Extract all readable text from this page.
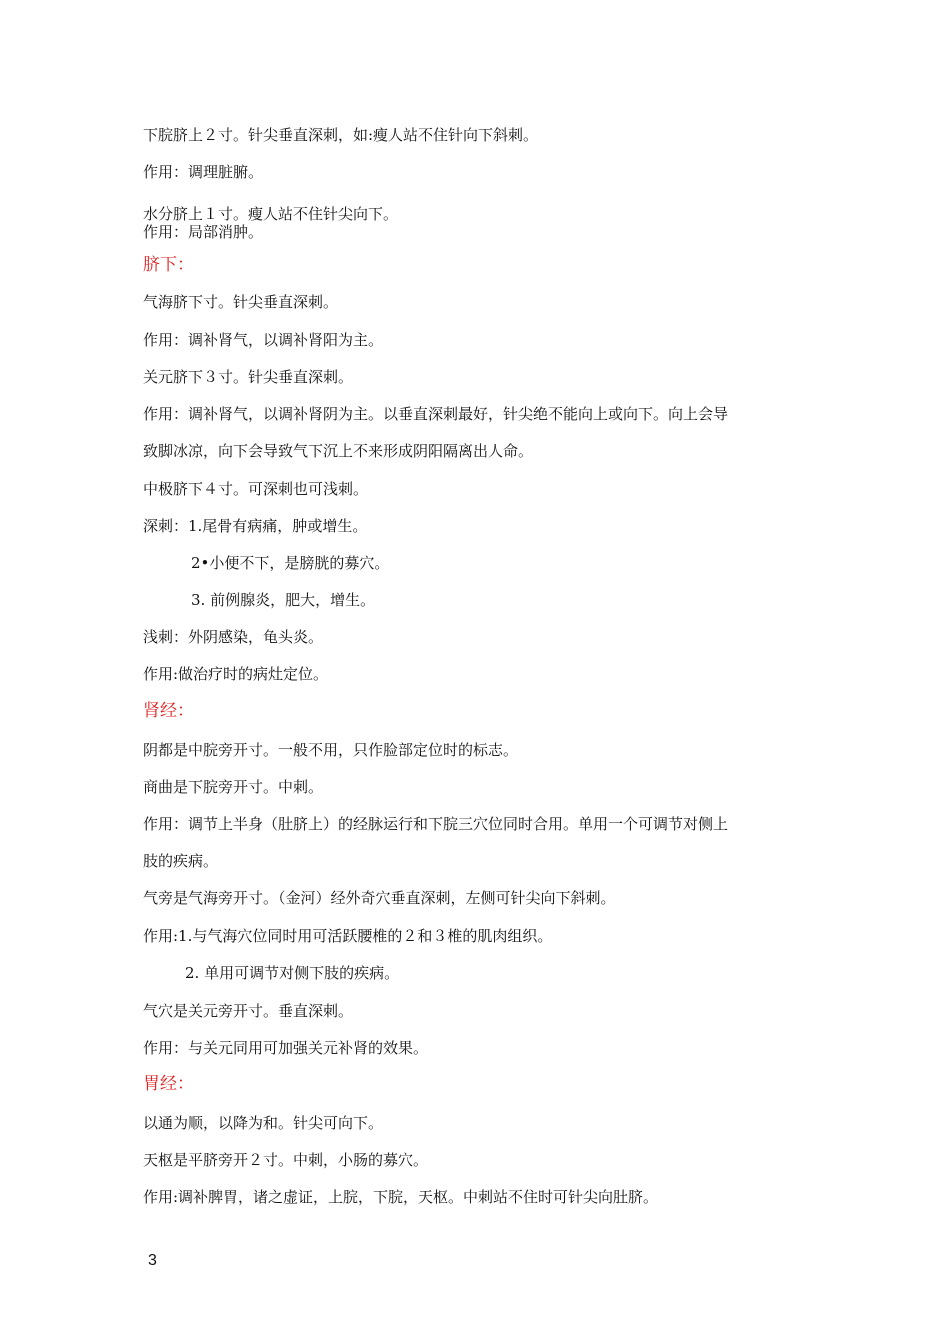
下脘脐上２寸。针尖垂直深刺，如:瘦人站不住针向下斜刺。
作用：调理脏腑。
水分脐上１寸。瘦人站不住针尖向下。
作用：局部消肿。
脐下：
气海脐下寸。针尖垂直深刺。
作用：调补肾气，以调补肾阳为主。
关元脐下３寸。针尖垂直深刺。
作用：调补肾气，以调补肾阴为主。以垂直深刺最好，针尖绝不能向上或向下。向上会导
致脚冰凉，向下会导致气下沉上不来形成阴阳隔离出人命。
中极脐下４寸。可深刺也可浅刺。
深刺：1.尾骨有病痛，肿或增生。
2•小便不下，是膀胱的募穴。
3. 前例腺炎，肥大，增生。
浅刺：外阴感染，龟头炎。
作用:做治疗时的病灶定位。
肾经：
阴都是中脘旁开寸。一般不用，只作脸部定位时的标志。
商曲是下脘旁开寸。中刺。
作用：调节上半身（肚脐上）的经脉运行和下脘三穴位同时合用。单用一个可调节对侧上
肢的疾病。
气旁是气海旁开寸。（金河）经外奇穴垂直深刺，左侧可针尖向下斜刺。
作用:1.与气海穴位同时用可活跃腰椎的２和３椎的肌肉组织。
2. 单用可调节对侧下肢的疾病。
气穴是关元旁开寸。垂直深刺。
作用：与关元同用可加强关元补肾的效果。
胃经：
以通为顺，以降为和。针尖可向下。
天枢是平脐旁开２寸。中刺，小肠的募穴。
作用:调补脾胃，诸之虚证，上脘，下脘，天枢。中刺站不住时可针尖向肚脐。
3
